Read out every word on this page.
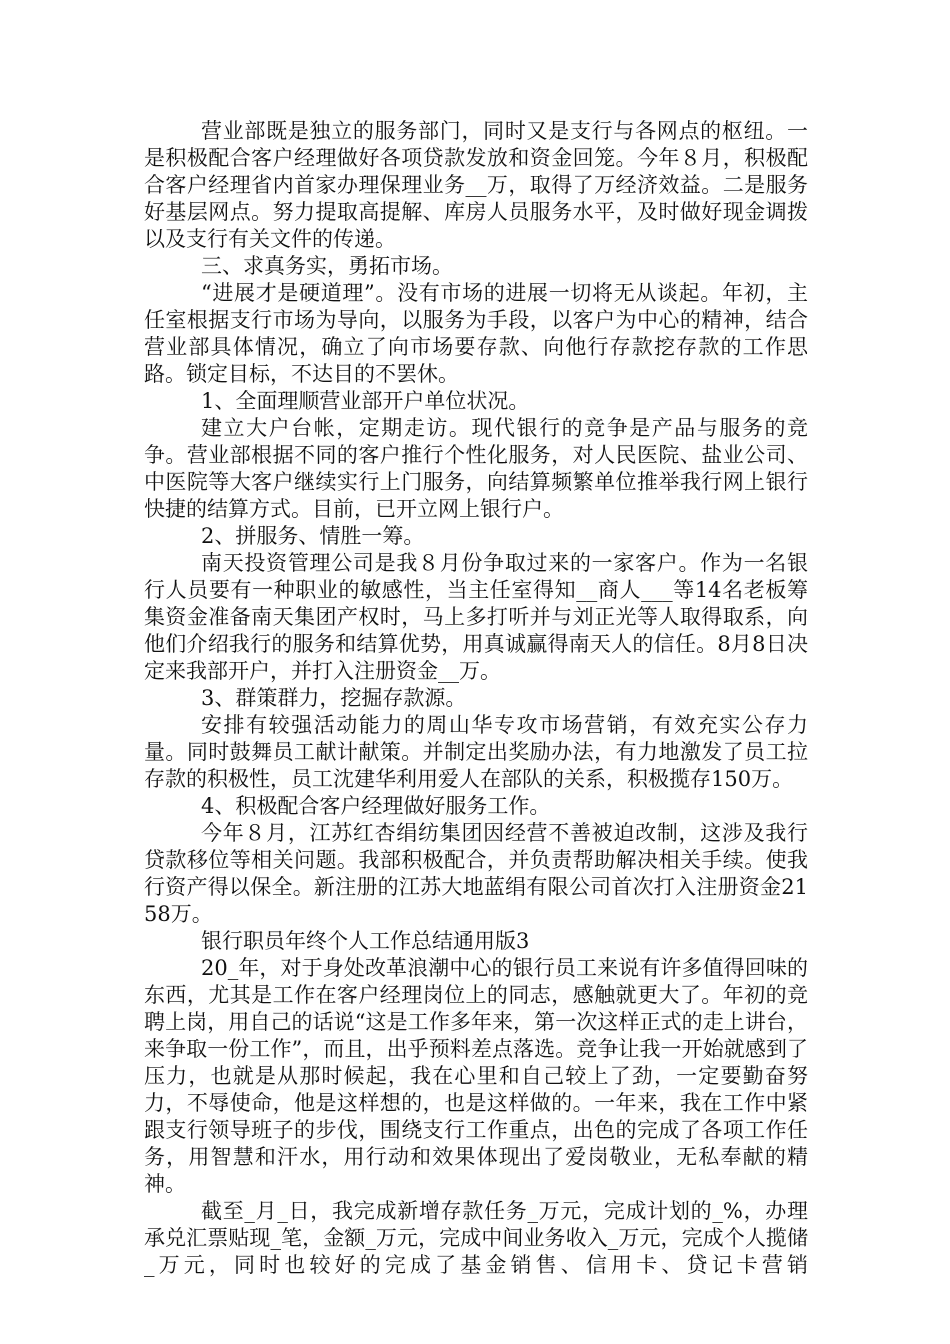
营业部既是独立的服务部门，同时又是支行与各网点的枢纽。一是积极配合客户经理做好各项贷款发放和资金回笼。今年８月，积极配合客户经理省内首家办理保理业务__万，取得了万经济效益。二是服务好基层网点。努力提取高提解、库房人员服务水平，及时做好现金调拨以及支行有关文件的传递。

三、求真务实，勇拓市场。

“进展才是硬道理”。没有市场的进展一切将无从谈起。年初，主任室根据支行市场为导向，以服务为手段，以客户为中心的精神，结合营业部具体情况，确立了向市场要存款、向他行存款挖存款的工作思路。锁定目标，不达目的不罢休。

1、全面理顺营业部开户单位状况。

建立大户台帐，定期走访。现代银行的竞争是产品与服务的竞争。营业部根据不同的客户推行个性化服务，对人民医院、盐业公司、中医院等大客户继续实行上门服务，向结算频繁单位推举我行网上银行快捷的结算方式。目前，已开立网上银行户。

2、拼服务、情胜一筹。

南天投资管理公司是我８月份争取过来的一家客户。作为一名银行人员要有一种职业的敏感性，当主任室得知__商人___等14名老板筹集资金准备南天集团产权时，马上多打听并与刘正光等人取得取系，向他们介绍我行的服务和结算优势，用真诚赢得南天人的信任。8月8日决定来我部开户，并打入注册资金__万。

3、群策群力，挖掘存款源。

安排有较强活动能力的周山华专攻市场营销，有效充实公存力量。同时鼓舞员工献计献策。并制定出奖励办法，有力地激发了员工拉存款的积极性，员工沈建华利用爱人在部队的关系，积极揽存150万。

4、积极配合客户经理做好服务工作。

今年８月，江苏红杏绢纺集团因经营不善被迫改制，这涉及我行贷款移位等相关问题。我部积极配合，并负责帮助解决相关手续。使我行资产得以保全。新注册的江苏大地蓝绢有限公司首次打入注册资金2158万。

银行职员年终个人工作总结通用版3

20_年，对于身处改革浪潮中心的银行员工来说有许多值得回味的东西，尤其是工作在客户经理岗位上的同志，感触就更大了。年初的竞聘上岗，用自己的话说“这是工作多年来，第一次这样正式的走上讲台，来争取一份工作”，而且，出乎预料差点落选。竞争让我一开始就感到了压力，也就是从那时候起，我在心里和自己较上了劲，一定要勤奋努力，不辱使命，他是这样想的，也是这样做的。一年来，我在工作中紧跟支行领导班子的步伐，围绕支行工作重点，出色的完成了各项工作任务，用智慧和汗水，用行动和效果体现出了爱岗敬业，无私奉献的精神。

截至_月_日，我完成新增存款任务_万元，完成计划的_%，办理承兑汇票贴现_笔，金额_万元，完成中间业务收入_万元，完成个人揽储_万元，同时也较好的完成了基金销售、信用卡、贷记卡营销
